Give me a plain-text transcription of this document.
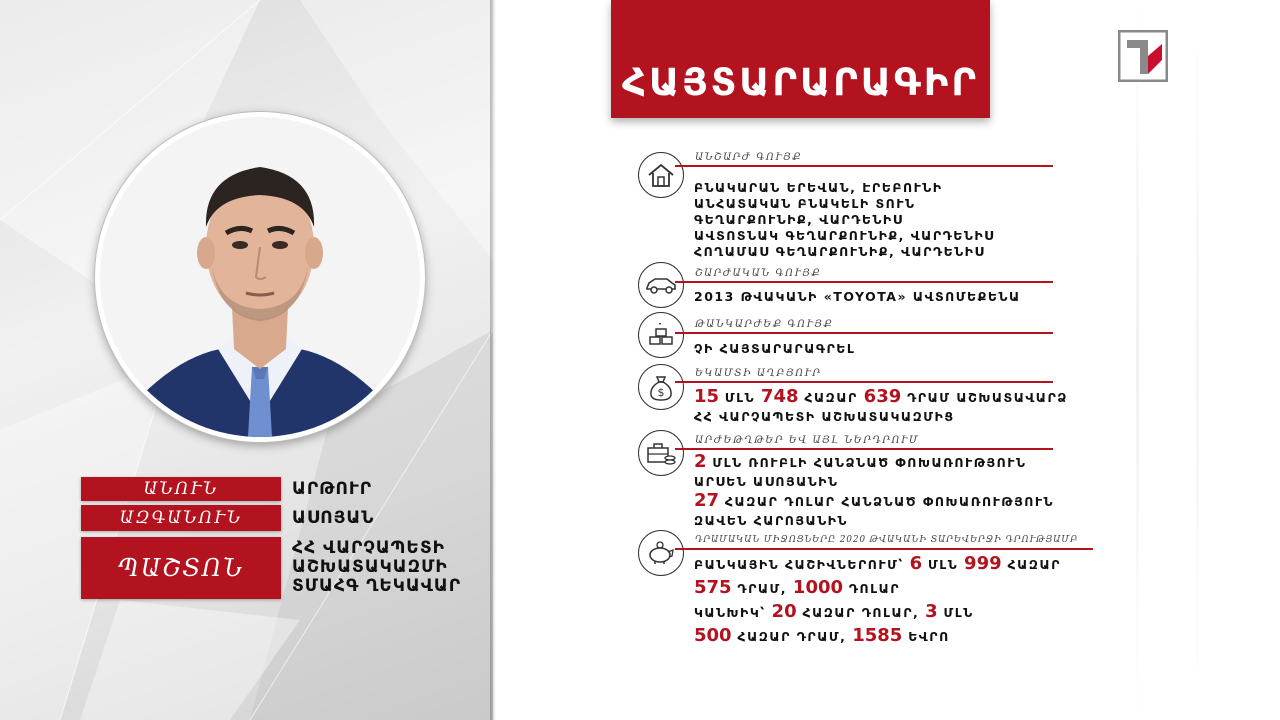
ԱՆՈՒՆ	ԱՐԹՈՒՐ
ԱԶԳԱՆՈՒՆ	ԱՍՈՅԱՆ
ՊԱՇՏՈՆ
ՀՀ ՎԱՐՉԱՊԵՏԻ
ԱՇԽԱՏԱԿԱԶՄԻ
ՏՄԱՀԳ ՂԵԿԱՎԱՐ
ՀԱՅՏԱՐԱՐԱԳԻՐ
ԱՆՇԱՐԺ ԳՈՒՅՔ
ԲՆԱԿԱՐԱՆ ԵՐԵՎԱՆ, ԷՐԵԲՈՒՆԻ
ԱՆՀԱՏԱԿԱՆ ԲՆԱԿԵԼԻ ՏՈՒՆ
ԳԵՂԱՐՔՈՒՆԻՔ, ՎԱՐԴԵՆԻՍ
ԱՎՏՈՏՆԱԿ ԳԵՂԱՐՔՈՒՆԻՔ, ՎԱՐԴԵՆԻՍ
ՀՈՂԱՄԱՍ ԳԵՂԱՐՔՈՒՆԻՔ, ՎԱՐԴԵՆԻՍ
ՇԱՐԺԱԿԱՆ ԳՈՒՅՔ
2013 ԹՎԱԿԱՆԻ «TOYOTA» ԱՎՏՈՄԵՔԵՆԱ
ԹԱՆԿԱՐԺԵՔ ԳՈՒՅՔ
ՉԻ ՀԱՅՏԱՐԱՐԱԳՐԵԼ
$
ԵԿԱՄՏԻ ԱՂԲՅՈՒՐ
15 ՄԼՆ 748 ՀԱԶԱՐ 639 ԴՐԱՄ ԱՇԽԱՏԱՎԱՐՁ
ՀՀ ՎԱՐՉԱՊԵՏԻ ԱՇԽԱՏԱԿԱԶՄԻՑ
ԱՐԺԵԹՂԹԵՐ ԵՎ ԱՅԼ ՆԵՐԴՐՈՒՄ
2 ՄԼՆ ՌՈՒԲԼԻ ՀԱՆՁՆԱԾ ՓՈԽԱՌՈՒԹՅՈՒՆ
ԱՐՍԵՆ ԱՍՈՅԱՆԻՆ
27 ՀԱԶԱՐ ԴՈԼԱՐ ՀԱՆՁՆԱԾ ՓՈԽԱՌՈՒԹՅՈՒՆ
ԶԱՎԵՆ ՀԱՐՈՅԱՆԻՆ
ԴՐԱՄԱԿԱՆ ՄԻՋՈՑՆԵՐԸ 2020 ԹՎԱԿԱՆԻ ՏԱՐԵՎԵՐՋԻ ԴՐՈՒԹՅԱՄԲ
ԲԱՆԿԱՅԻՆ ՀԱՇԻՎՆԵՐՈՒՄ՝ 6 ՄԼՆ 999 ՀԱԶԱՐ
575 ԴՐԱՄ, 1000 ԴՈԼԱՐ
ԿԱՆԽԻԿ՝ 20 ՀԱԶԱՐ ԴՈԼԱՐ, 3 ՄԼՆ
500 ՀԱԶԱՐ ԴՐԱՄ, 1585 ԵՎՐՈ
